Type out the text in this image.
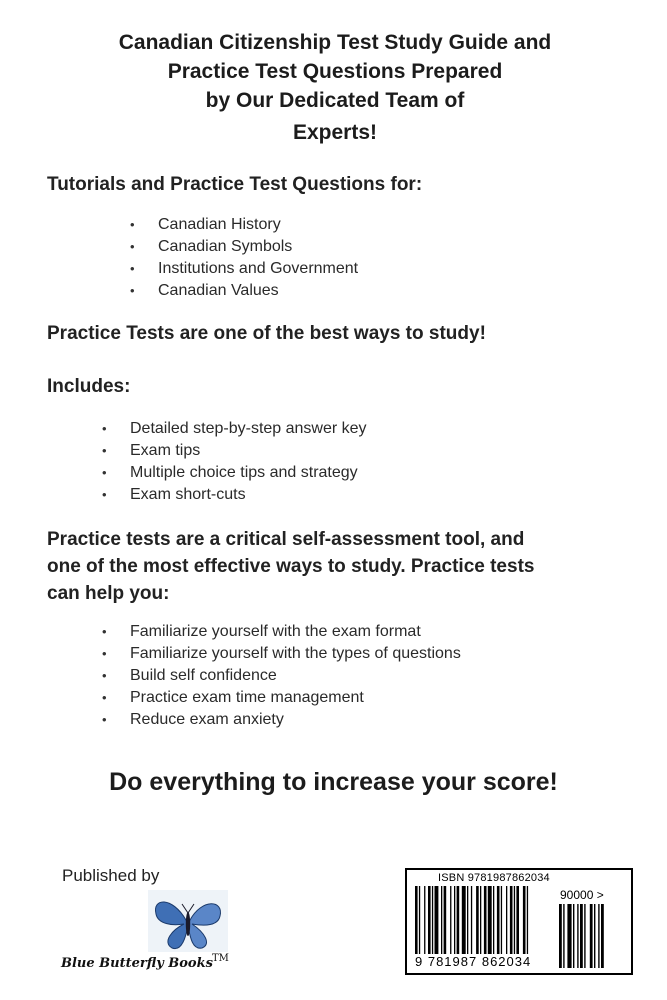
Canadian Citizenship Test Study Guide and
Practice Test Questions Prepared
by Our Dedicated Team of
Experts!
Tutorials and Practice Test Questions for:
• Canadian History
• Canadian Symbols
• Institutions and Government
• Canadian Values
Practice Tests are one of the best ways to study!
Includes:
• Detailed step-by-step answer key
• Exam tips
• Multiple choice tips and strategy
• Exam short-cuts
Practice tests are a critical self-assessment tool, and
one of the most effective ways to study. Practice tests
can help you:
• Familiarize yourself with the exam format
• Familiarize yourself with the types of questions
• Build self confidence
• Practice exam time management
• Reduce exam anxiety
Do everything to increase your score!
Published by
Blue Butterfly Books TM
ISBN 9781987862034
90000 >
9 781987 862034
